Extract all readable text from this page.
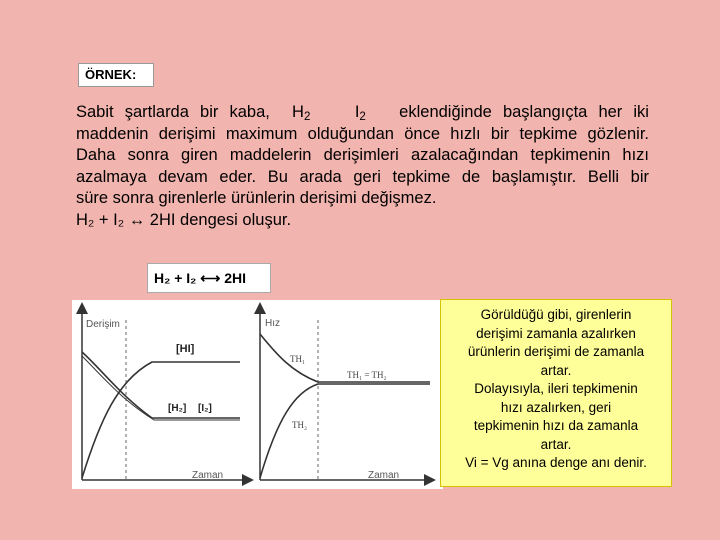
ÖRNEK:

Sabit şartlarda bir kaba, $H_2$	$I_2$ eklendiğinde başlangıçta her iki

maddenin derişimi maximum olduğundan önce hızlı bir tepkime gözlenir.

Daha sonra giren maddelerin derişimleri azalacağından tepkimenin hızı

azalmaya devam eder. Bu arada geri tepkime de başlamıştır. Belli bir

süre sonra girenlerle ürünlerin derişimi değişmez.

H₂ + I₂ ↔ 2HI dengesi oluşur.

H₂ + I₂ ⟷ 2HI
Derişim
Zaman
[HI]
[H₂] [I₂]
Hız
Zaman
TH₁
TH₂
TH₁ = TH₂
Görüldüğü gibi, girenlerin
derişimi zamanla azalırken
ürünlerin derişimi de zamanla
artar.
Dolayısıyla, ileri tepkimenin
hızı azalırken, geri
tepkimenin hızı da zamanla
artar.
Vi = Vg anına denge anı denir.
